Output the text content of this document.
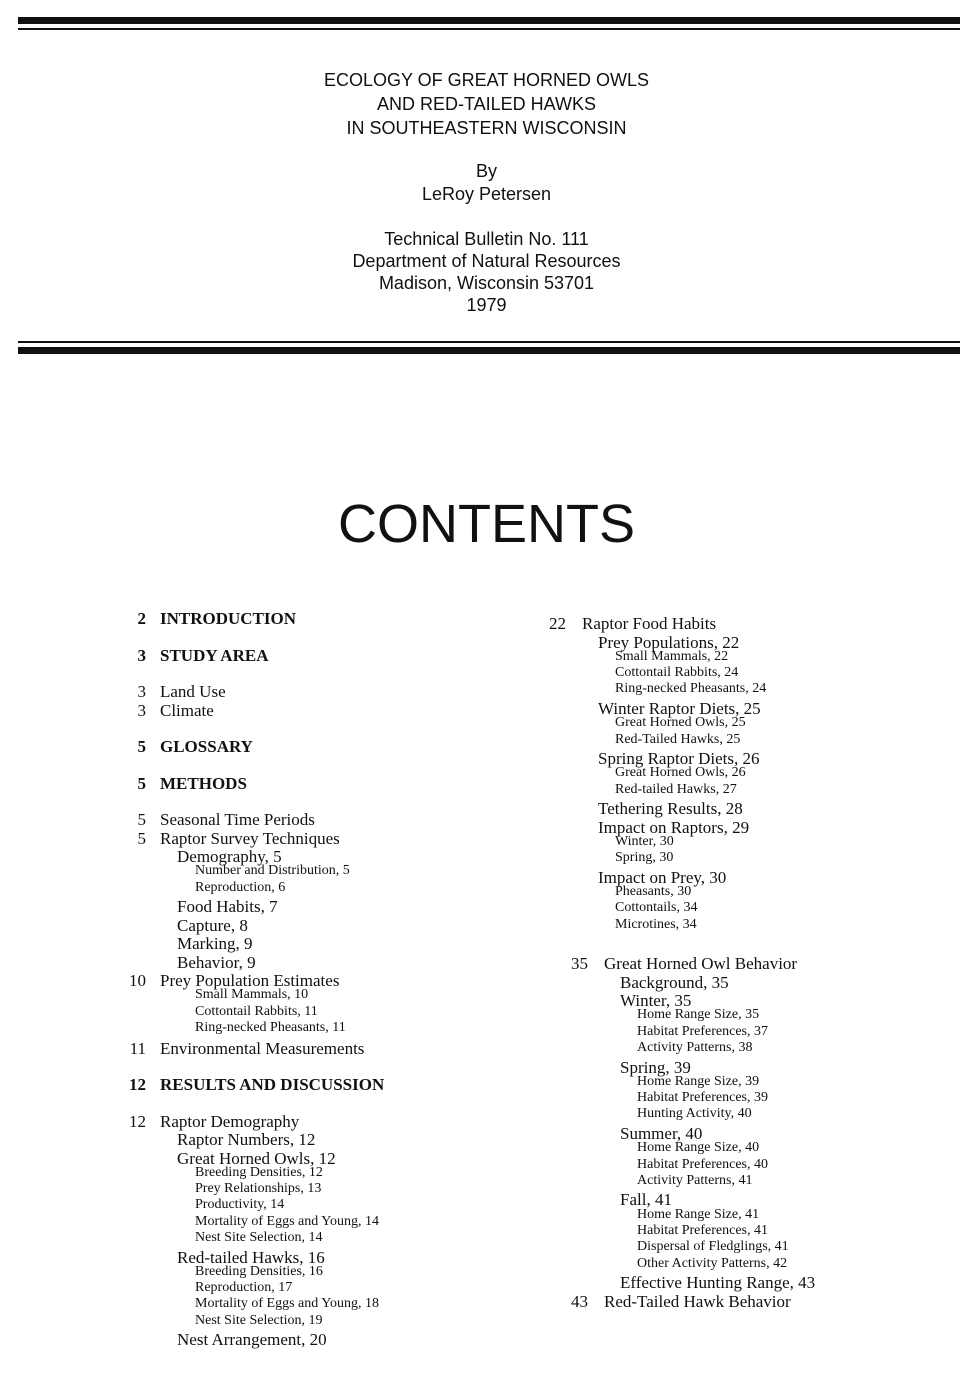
ECOLOGY OF GREAT HORNED OWLS
AND RED-TAILED HAWKS
IN SOUTHEASTERN WISCONSIN
By
LeRoy Petersen
Technical Bulletin No. 111
Department of Natural Resources
Madison, Wisconsin 53701
1979
CONTENTS
2 INTRODUCTION
3 STUDY AREA
3 Land Use
3 Climate
5 GLOSSARY
5 METHODS
5 Seasonal Time Periods
5 Raptor Survey Techniques
Demography, 5
Number and Distribution, 5
Reproduction, 6
Food Habits, 7
Capture, 8
Marking, 9
Behavior, 9
10 Prey Population Estimates
Small Mammals, 10
Cottontail Rabbits, 11
Ring-necked Pheasants, 11
11 Environmental Measurements
12 RESULTS AND DISCUSSION
12 Raptor Demography
Raptor Numbers, 12
Great Horned Owls, 12
Breeding Densities, 12
Prey Relationships, 13
Productivity, 14
Mortality of Eggs and Young, 14
Nest Site Selection, 14
Red-tailed Hawks, 16
Breeding Densities, 16
Reproduction, 17
Mortality of Eggs and Young, 18
Nest Site Selection, 19
Nest Arrangement, 20
22 Raptor Food Habits
Prey Populations, 22
Small Mammals, 22
Cottontail Rabbits, 24
Ring-necked Pheasants, 24
Winter Raptor Diets, 25
Great Horned Owls, 25
Red-Tailed Hawks, 25
Spring Raptor Diets, 26
Great Horned Owls, 26
Red-tailed Hawks, 27
Tethering Results, 28
Impact on Raptors, 29
Winter, 30
Spring, 30
Impact on Prey, 30
Pheasants, 30
Cottontails, 34
Microtines, 34
35 Great Horned Owl Behavior
Background, 35
Winter, 35
Home Range Size, 35
Habitat Preferences, 37
Activity Patterns, 38
Spring, 39
Home Range Size, 39
Habitat Preferences, 39
Hunting Activity, 40
Summer, 40
Home Range Size, 40
Habitat Preferences, 40
Activity Patterns, 41
Fall, 41
Home Range Size, 41
Habitat Preferences, 41
Dispersal of Fledglings, 41
Other Activity Patterns, 42
Effective Hunting Range, 43
43 Red-Tailed Hawk Behavior
